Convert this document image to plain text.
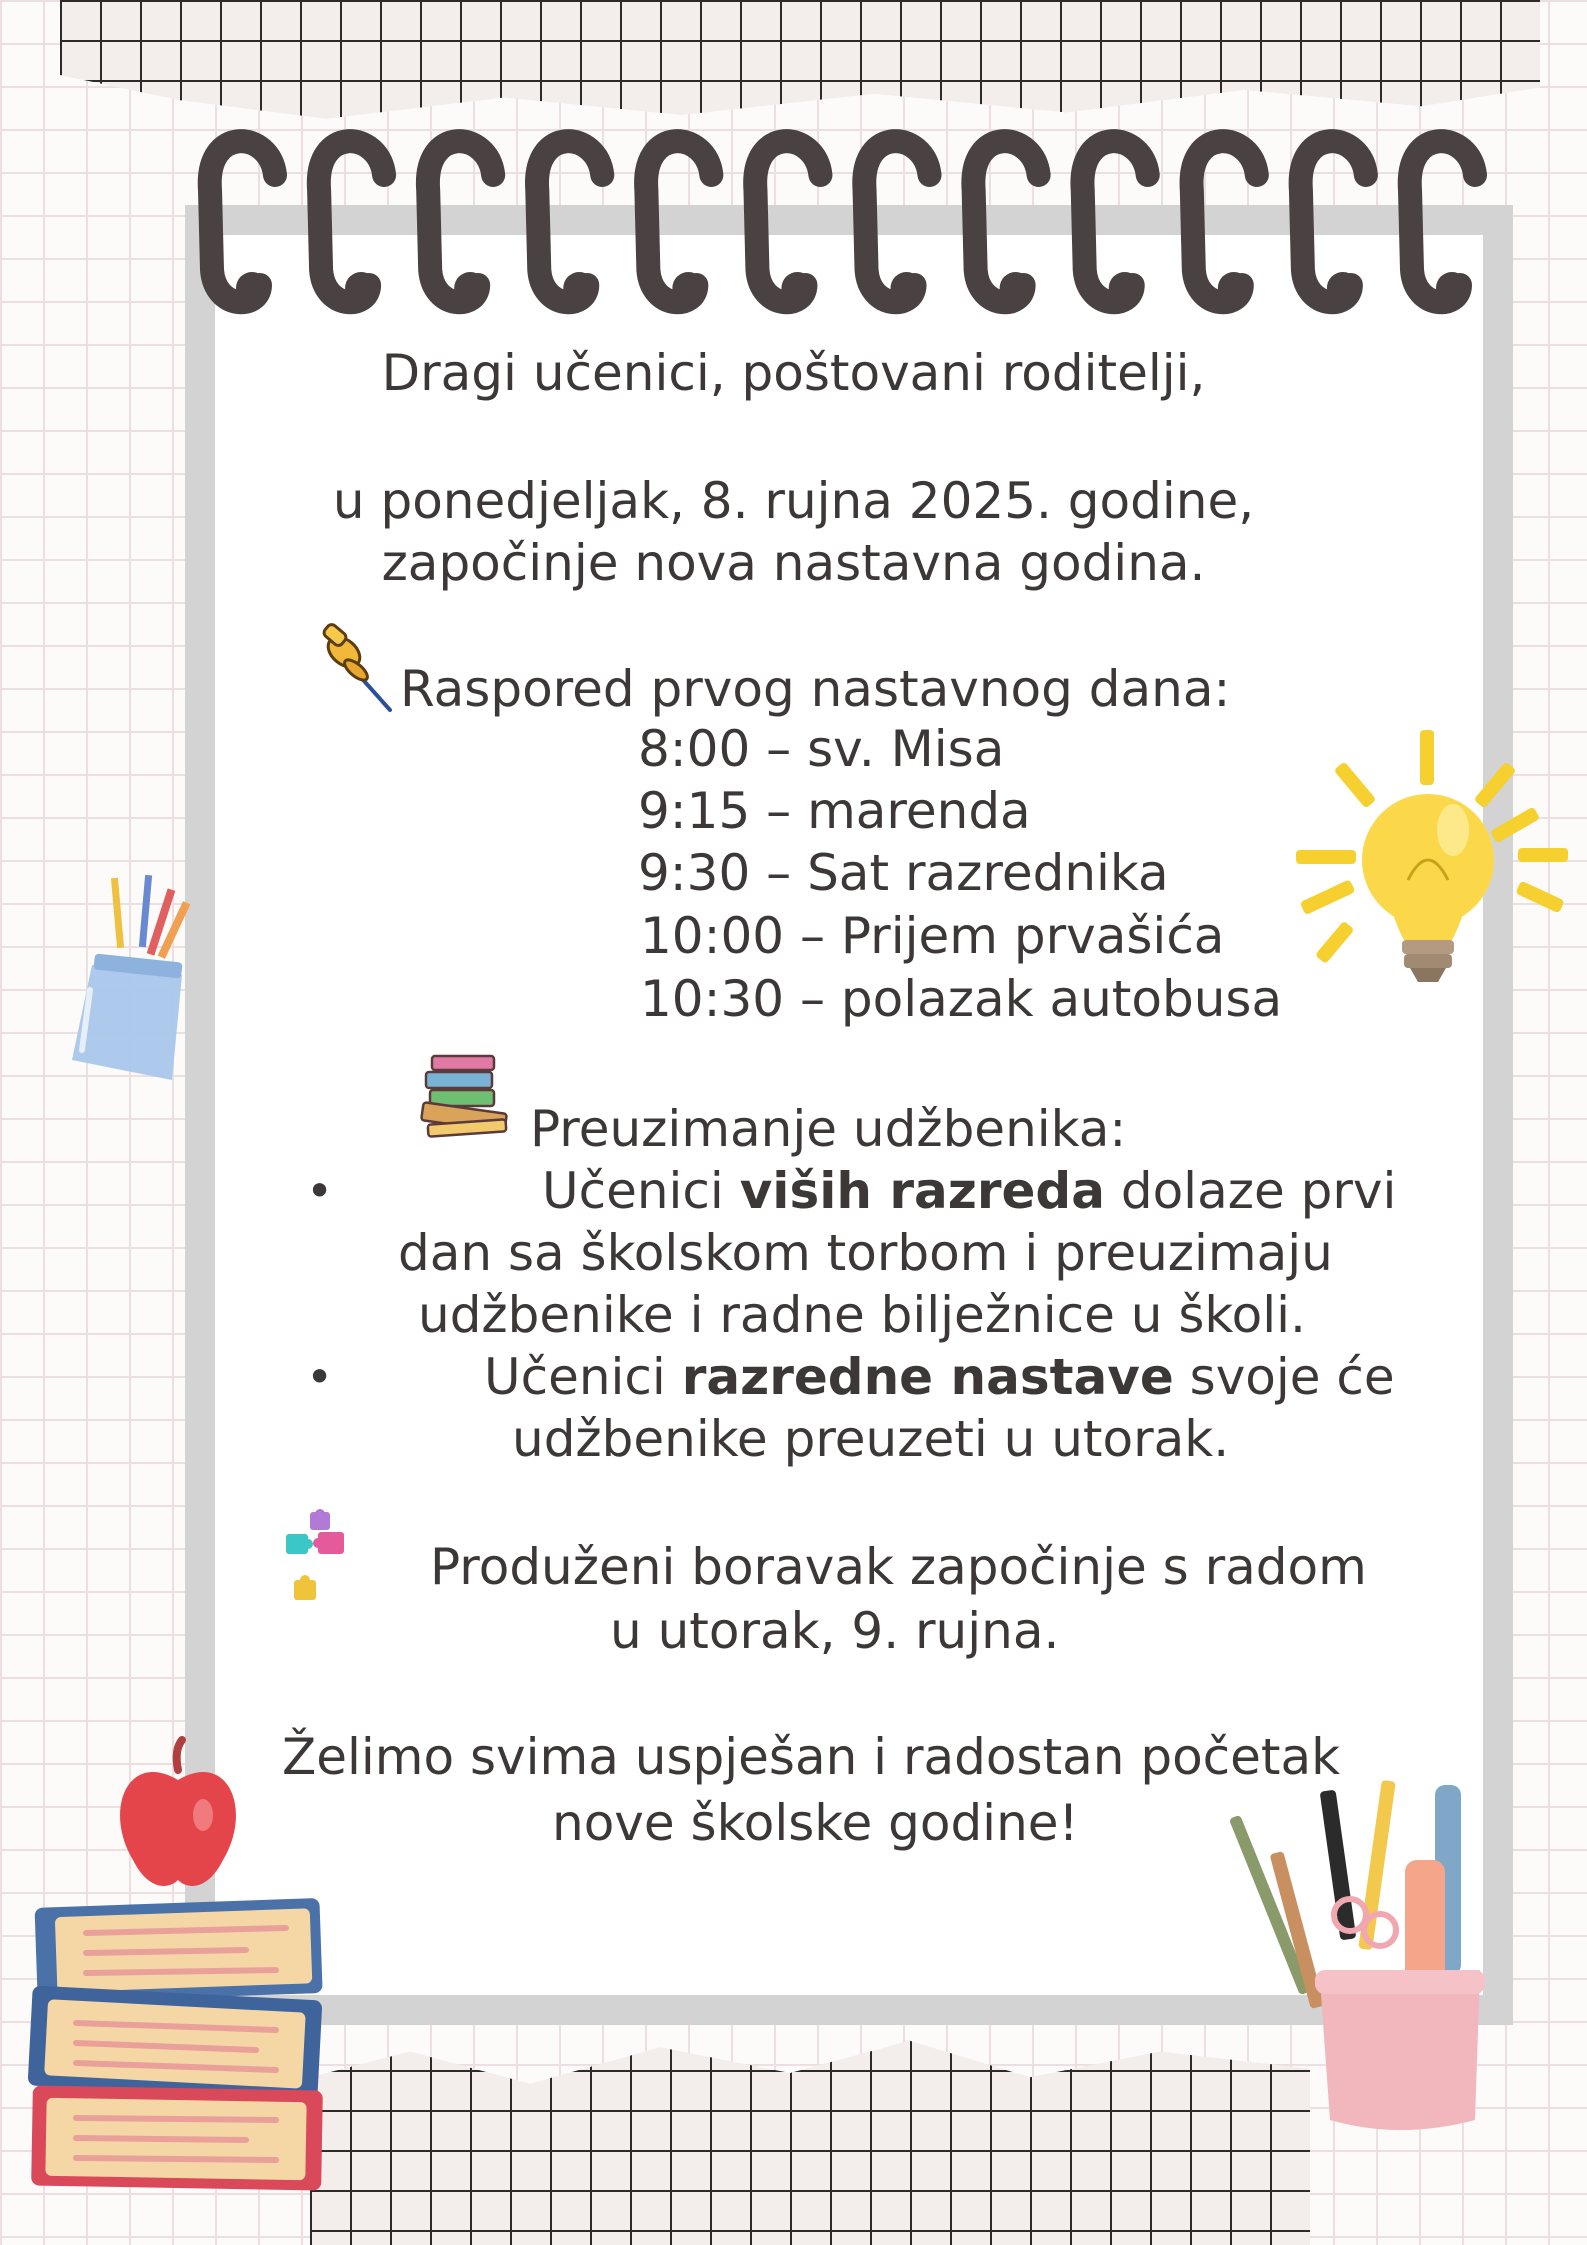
Dragi učenici, poštovani roditelji,
u ponedjeljak, 8. rujna 2025. godine,
započinje nova nastavna godina.
Raspored prvog nastavnog dana:
8:00 – sv. Misa
9:15 – marenda
9:30 – Sat razrednika
10:00 – Prijem prvašića
10:30 – polazak autobusa
Preuzimanje udžbenika:
•	Učenici viših razreda dolaze prvi
dan sa školskom torbom i preuzimaju
udžbenike i radne bilježnice u školi.
•	Učenici razredne nastave svoje će
udžbenike preuzeti u utorak.
Produženi boravak započinje s radom
u utorak, 9. rujna.
Želimo svima uspješan i radostan početak
nove školske godine!
